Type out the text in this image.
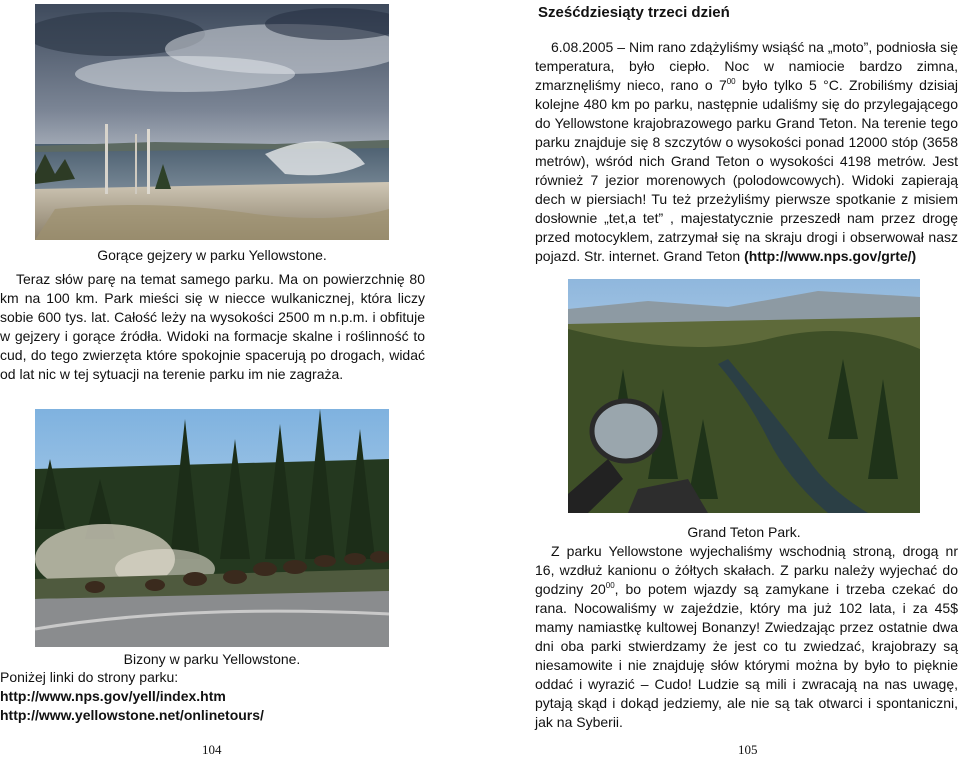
Gorące gejzery w parku Yellowstone.

Teraz słów parę na temat samego parku. Ma on powierzchnię 80 km na 100 km. Park mieści się w niecce wulkanicznej, która liczy sobie 600 tys. lat. Całość leży na wysokości 2500 m n.p.m. i obfituje w gejzery i gorące źródła. Widoki na formacje skalne i roślinność to cud, do tego zwierzęta które spokojnie spacerują po drogach, widać od lat nic w tej sytuacji na terenie parku im nie zagraża.

Bizony w parku Yellowstone.
Poniżej linki do strony parku:
http://www.nps.gov/yell/index.htm
http://www.yellowstone.net/onlinetours/
104
Sześćdziesiąty trzeci dzień

6.08.2005 – Nim rano zdążyliśmy wsiąść na „moto”, podniosła się temperatura, było ciepło. Noc w namiocie bardzo zimna, zmarznęliśmy nieco, rano o $7^{00}$ było tylko 5 °C. Zrobiliśmy dzisiaj kolejne 480 km po parku, następnie udaliśmy się do przylegającego do Yellowstone krajobrazowego parku Grand Teton. Na terenie tego parku znajduje się 8 szczytów o wysokości ponad 12000 stóp (3658 metrów), wśród nich Grand Teton o wysokości 4198 metrów. Jest również 7 jezior morenowych (polodowcowych). Widoki zapierają dech w piersiach! Tu też przeżyliśmy pierwsze spotkanie z misiem dosłownie „tet,a tet” , majestatycznie przeszedł nam przez drogę przed motocyklem, zatrzymał się na skraju drogi i obserwował nasz pojazd. Str. internet. Grand Teton (http://www.nps.gov/grte/)

Grand Teton Park.

Z parku Yellowstone wyjechaliśmy wschodnią stroną, drogą nr 16, wzdłuż kanionu o żółtych skałach. Z parku należy wyjechać do godziny $20^{00}$, bo potem wjazdy są zamykane i trzeba czekać do rana. Nocowaliśmy w zajeździe, który ma już 102 lata, i za 45$ mamy namiastkę kultowej Bonanzy! Zwiedzając przez ostatnie dwa dni oba parki stwierdzamy że jest co tu zwiedzać, krajobrazy są niesamowite i nie znajduję słów którymi można by było to pięknie oddać i wyrazić – Cudo! Ludzie są mili i zwracają na nas uwagę, pytają skąd i dokąd jedziemy, ale nie są tak otwarci i spontaniczni, jak na Syberii.

105
